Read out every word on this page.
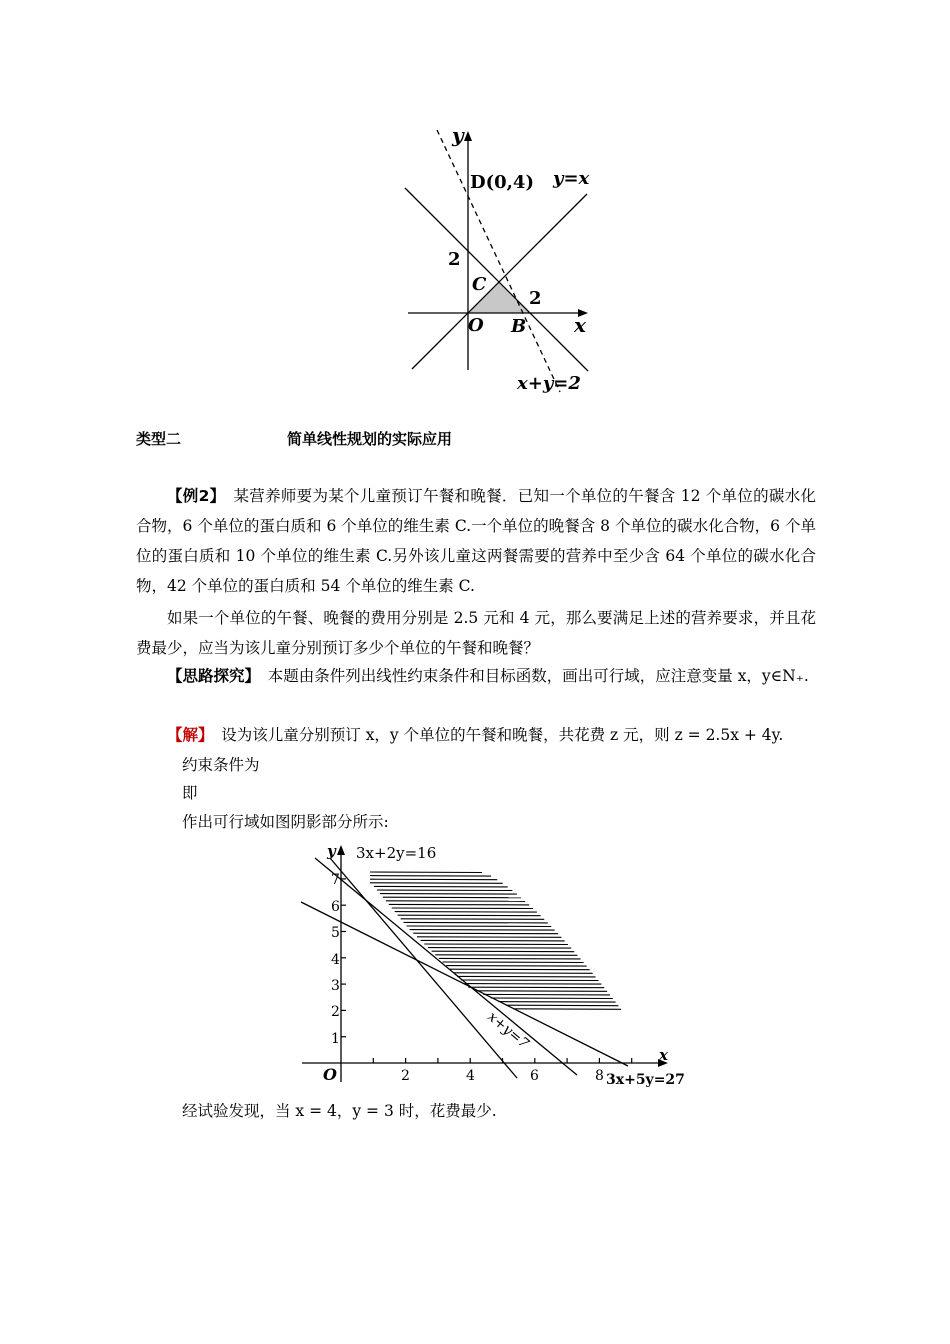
y
D(0,4) y=x
2
C
2
O B x
x+y=2
类型二	简单线性规划的实际应用
【例2】　某营养师要为某个儿童预订午餐和晚餐．已知一个单位的午餐含 12 个单位的碳水化合物，6 个单位的蛋白质和 6 个单位的维生素 C.一个单位的晚餐含 8 个单位的碳水化合物，6 个单位的蛋白质和 10 个单位的维生素 C.另外该儿童这两餐需要的营养中至少含 64 个单位的碳水化合物，42 个单位的蛋白质和 54 个单位的维生素 C.
如果一个单位的午餐、晚餐的费用分别是 2.5 元和 4 元，那么要满足上述的营养要求，并且花费最少，应当为该儿童分别预订多少个单位的午餐和晚餐？
【思路探究】　本题由条件列出线性约束条件和目标函数，画出可行域，应注意变量 x，y∈N₊.
【解】　设为该儿童分别预订 x，y 个单位的午餐和晚餐，共花费 z 元，则 z = 2.5x + 4y.
约束条件为
即
作出可行域如图阴影部分所示:
y 3x+2y=16
x
O
1
2
3
4
5
6
7
2	4	6	8
x+y=7
3x+5y=27
经试验发现，当 x = 4，y = 3 时，花费最少.
